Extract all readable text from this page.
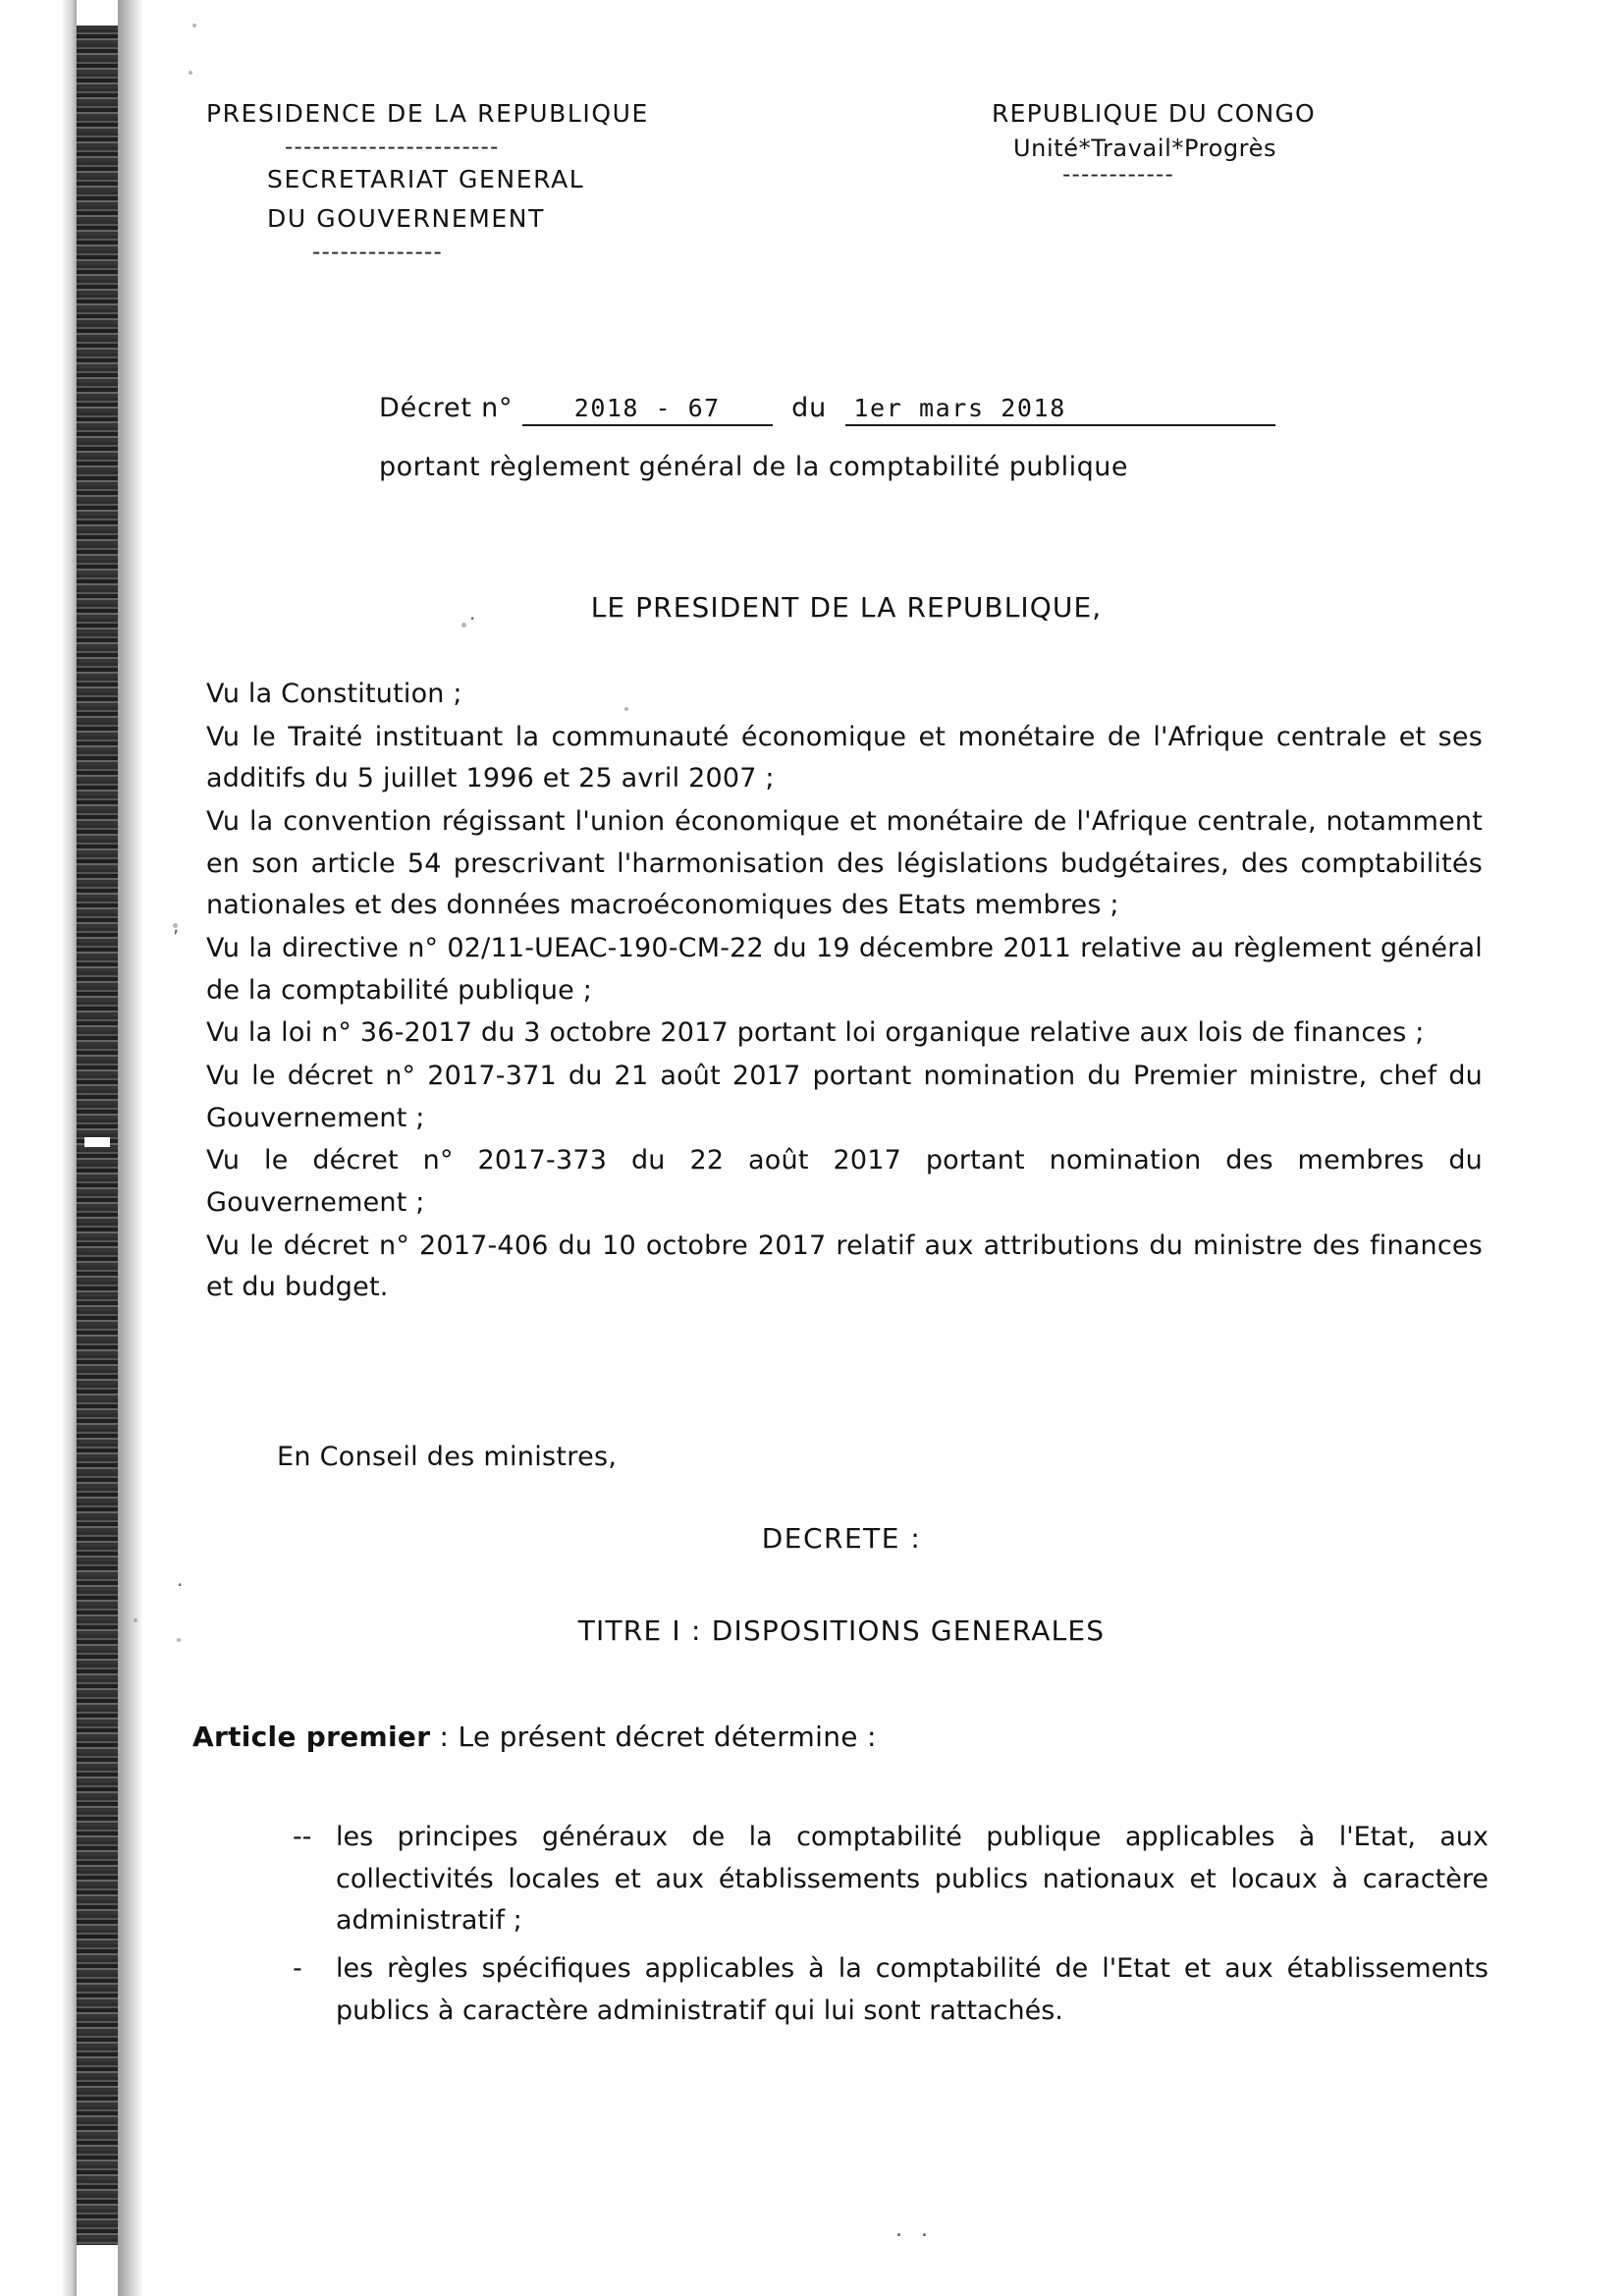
PRESIDENCE DE LA REPUBLIQUE
-----------------------
SECRETARIAT GENERAL
DU GOUVERNEMENT
--------------
REPUBLIQUE DU CONGO
Unité*Travail*Progrès
------------
Décret n° 2018 - 67	du 1er mars 2018
portant règlement général de la comptabilité publique
LE PRESIDENT DE LA REPUBLIQUE,

Vu la Constitution ;

Vu le Traité instituant la communauté économique et monétaire de l'Afrique centrale et ses additifs du 5 juillet 1996 et 25 avril 2007 ;

Vu la convention régissant l'union économique et monétaire de l'Afrique centrale, notamment en son article 54 prescrivant l'harmonisation des législations budgétaires, des comptabilités nationales et des données macroéconomiques des Etats membres ;

Vu la directive n° 02/11-UEAC-190-CM-22 du 19 décembre 2011 relative au règlement général de la comptabilité publique ;

Vu la loi n° 36-2017 du 3 octobre 2017 portant loi organique relative aux lois de finances ;

Vu le décret n° 2017-371 du 21 août 2017 portant nomination du Premier ministre, chef du Gouvernement ;

Vu le décret n° 2017-373 du 22 août 2017 portant nomination des membres du Gouvernement ;

Vu le décret n° 2017-406 du 10 octobre 2017 relatif aux attributions du ministre des finances et du budget.

En Conseil des ministres,
DECRETE :
TITRE I : DISPOSITIONS GENERALES
Article premier : Le présent décret détermine :
-- les principes généraux de la comptabilité publique applicables à l'Etat, aux collectivités locales et aux établissements publics nationaux et locaux à caractère administratif ;
- les règles spécifiques applicables à la comptabilité de l'Etat et aux établissements publics à caractère administratif qui lui sont rattachés.
. .
.
,
.
